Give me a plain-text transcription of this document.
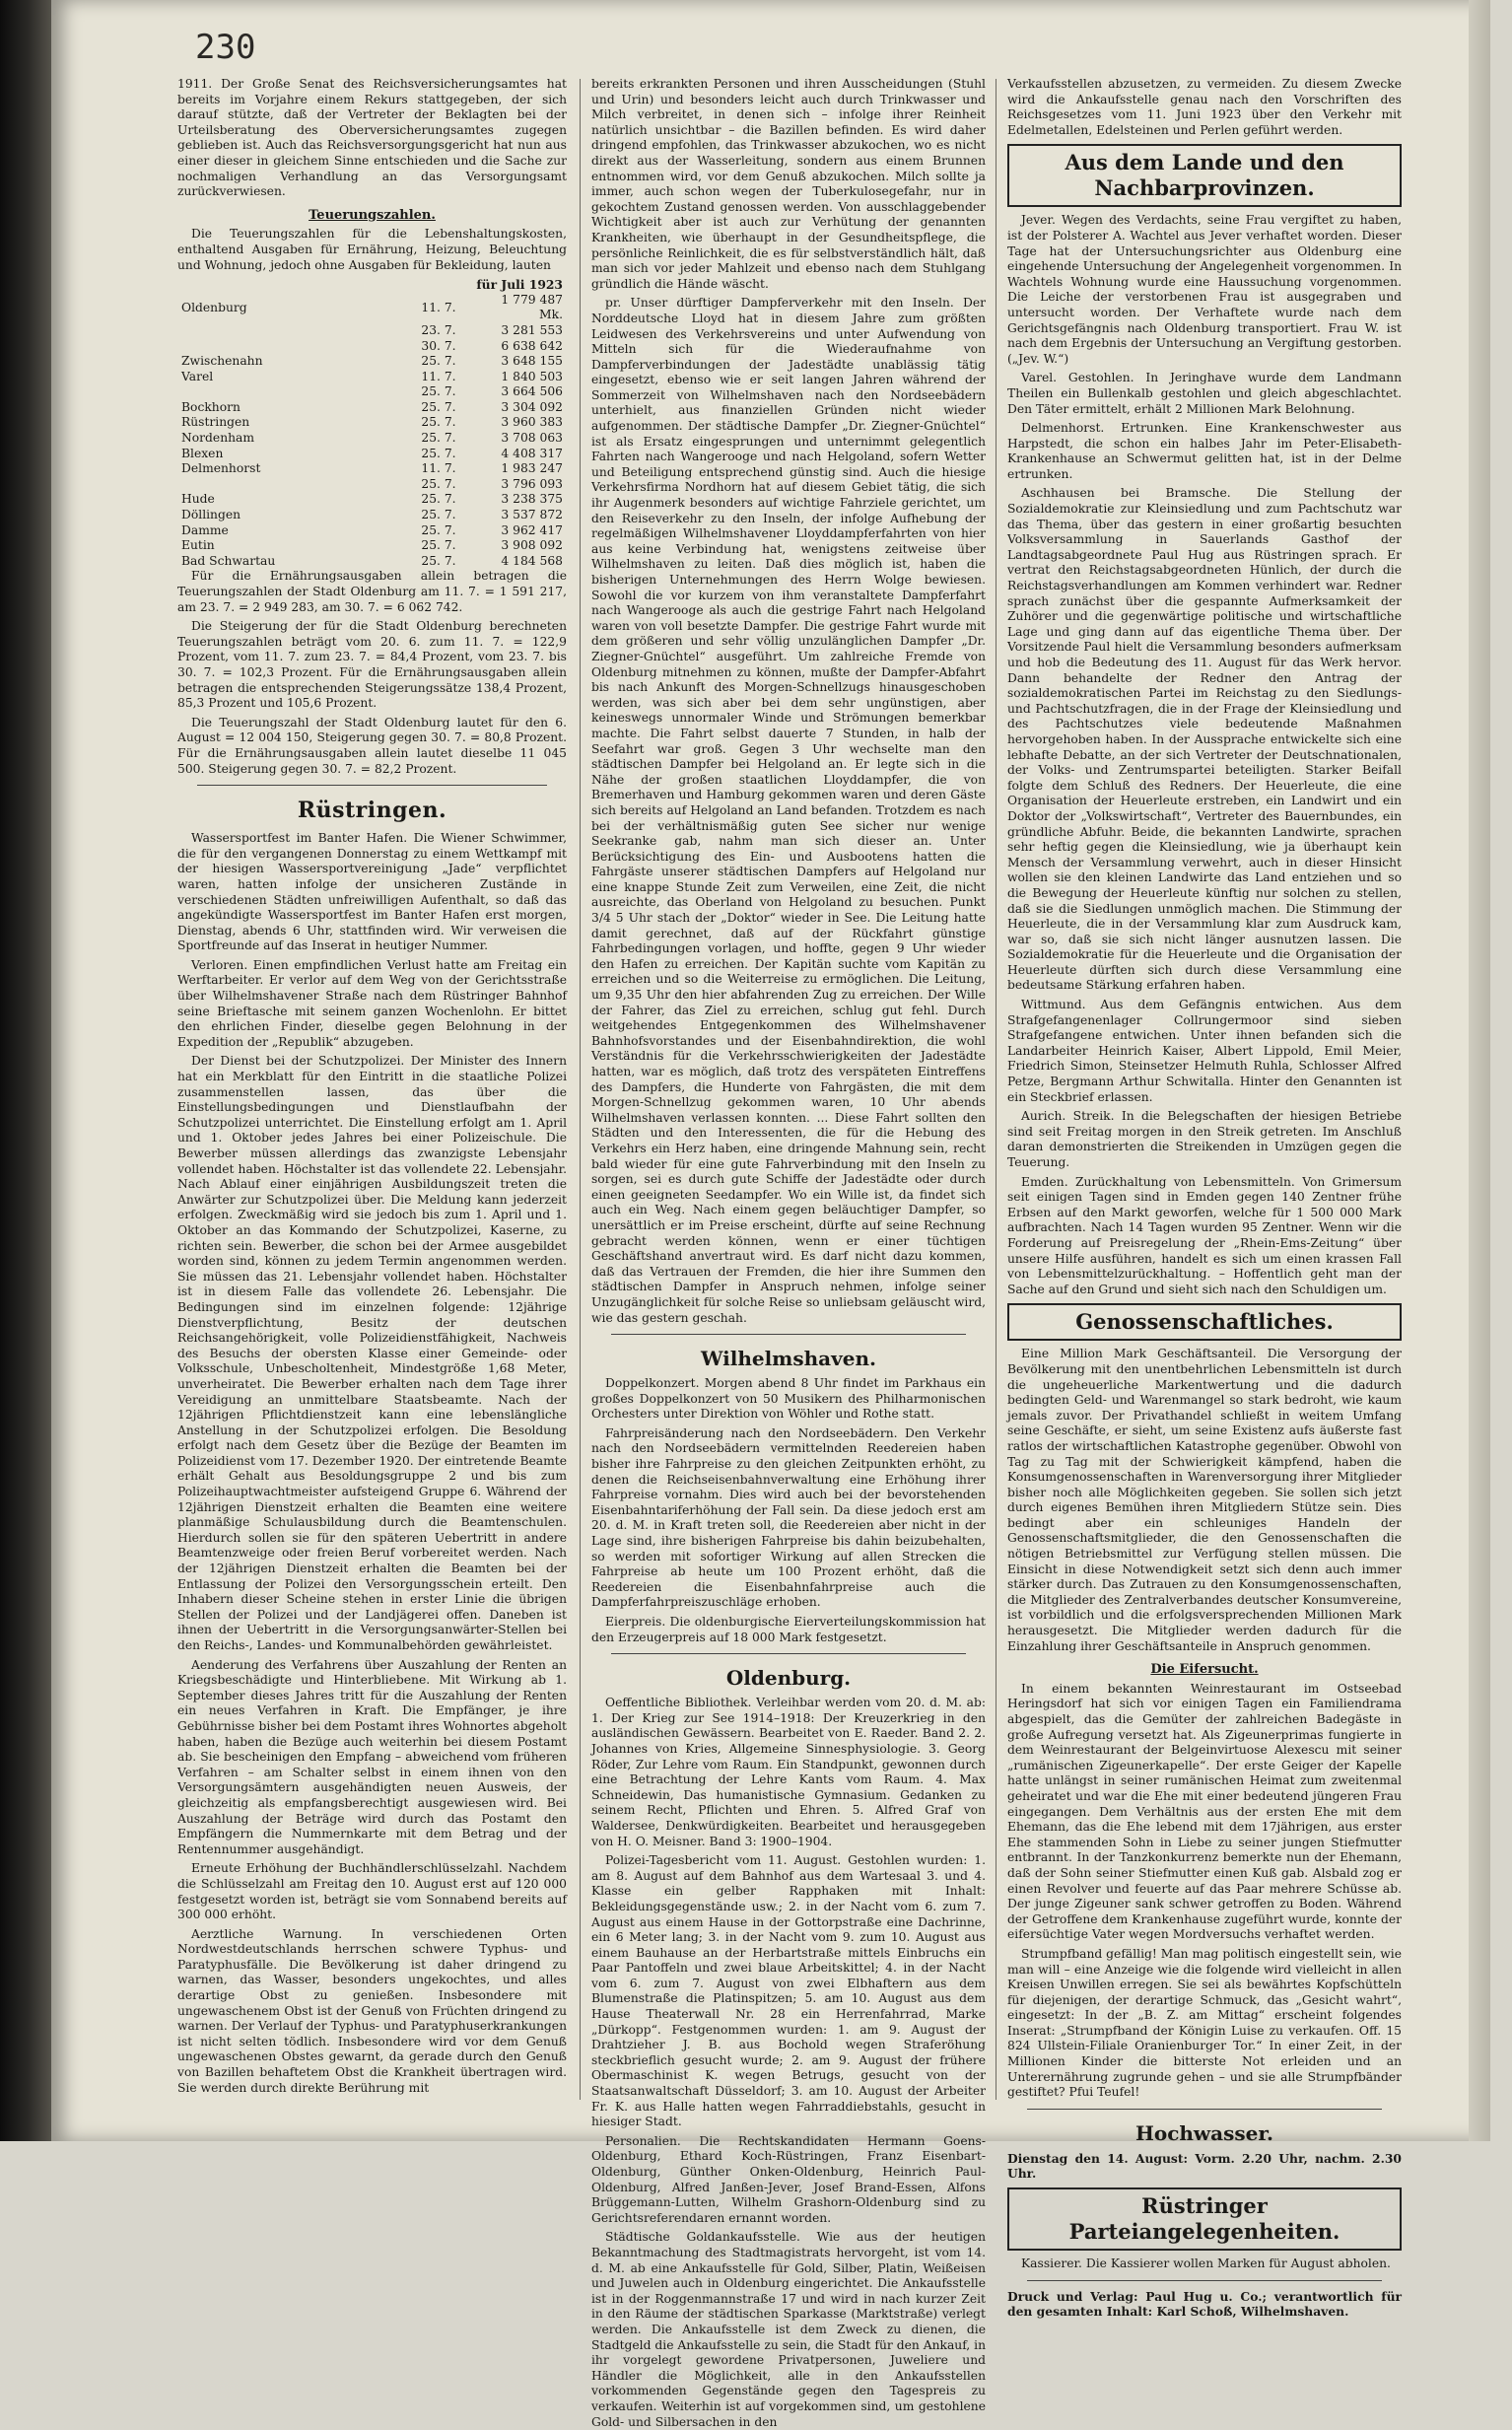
230

1911. Der Große Senat des Reichsversicherungsamtes hat bereits im Vorjahre einem Rekurs stattgegeben, der sich darauf stützte, daß der Vertreter der Beklagten bei der Urteilsberatung des Oberversicherungsamtes zugegen geblieben ist. Auch das Reichsversorgungsgericht hat nun aus einer dieser in gleichem Sinne entschieden und die Sache zur nochmaligen Verhandlung an das Versorgungsamt zurückverwiesen.

Teuerungszahlen.

Die Teuerungszahlen für die Lebenshaltungskosten, enthaltend Ausgaben für Ernährung, Heizung, Beleuchtung und Wohnung, jedoch ohne Ausgaben für Bekleidung, lauten

		für Juli 1923
Oldenburg	11. 7.	1 779 487 Mk.
	23. 7.	3 281 553
	30. 7.	6 638 642
Zwischenahn	25. 7.	3 648 155
Varel	11. 7.	1 840 503
	25. 7.	3 664 506
Bockhorn	25. 7.	3 304 092
Rüstringen	25. 7.	3 960 383
Nordenham	25. 7.	3 708 063
Blexen	25. 7.	4 408 317
Delmenhorst	11. 7.	1 983 247
	25. 7.	3 796 093
Hude	25. 7.	3 238 375
Döllingen	25. 7.	3 537 872
Damme	25. 7.	3 962 417
Eutin	25. 7.	3 908 092
Bad Schwartau	25. 7.	4 184 568

Für die Ernährungsausgaben allein betragen die Teuerungszahlen der Stadt Oldenburg am 11. 7. = 1 591 217, am 23. 7. = 2 949 283, am 30. 7. = 6 062 742.

Die Steigerung der für die Stadt Oldenburg berechneten Teuerungszahlen beträgt vom 20. 6. zum 11. 7. = 122,9 Prozent, vom 11. 7. zum 23. 7. = 84,4 Prozent, vom 23. 7. bis 30. 7. = 102,3 Prozent. Für die Ernährungsausgaben allein betragen die entsprechenden Steigerungssätze 138,4 Prozent, 85,3 Prozent und 105,6 Prozent.

Die Teuerungszahl der Stadt Oldenburg lautet für den 6. August = 12 004 150, Steigerung gegen 30. 7. = 80,8 Prozent. Für die Ernährungsausgaben allein lautet dieselbe 11 045 500. Steigerung gegen 30. 7. = 82,2 Prozent.

Rüstringen.

Wassersportfest im Banter Hafen. Die Wiener Schwimmer, die für den vergangenen Donnerstag zu einem Wettkampf mit der hiesigen Wassersportvereinigung „Jade“ verpflichtet waren, hatten infolge der unsicheren Zustände in verschiedenen Städten unfreiwilligen Aufenthalt, so daß das angekündigte Wassersportfest im Banter Hafen erst morgen, Dienstag, abends 6 Uhr, stattfinden wird. Wir verweisen die Sportfreunde auf das Inserat in heutiger Nummer.

Verloren. Einen empfindlichen Verlust hatte am Freitag ein Werftarbeiter. Er verlor auf dem Weg von der Gerichtsstraße über Wilhelmshavener Straße nach dem Rüstringer Bahnhof seine Brieftasche mit seinem ganzen Wochenlohn. Er bittet den ehrlichen Finder, dieselbe gegen Belohnung in der Expedition der „Republik“ abzugeben.

Der Dienst bei der Schutzpolizei. Der Minister des Innern hat ein Merkblatt für den Eintritt in die staatliche Polizei zusammenstellen lassen, das über die Einstellungsbedingungen und Dienstlaufbahn der Schutzpolizei unterrichtet. Die Einstellung erfolgt am 1. April und 1. Oktober jedes Jahres bei einer Polizeischule. Die Bewerber müssen allerdings das zwanzigste Lebensjahr vollendet haben. Höchstalter ist das vollendete 22. Lebensjahr. Nach Ablauf einer einjährigen Ausbildungszeit treten die Anwärter zur Schutzpolizei über. Die Meldung kann jederzeit erfolgen. Zweckmäßig wird sie jedoch bis zum 1. April und 1. Oktober an das Kommando der Schutzpolizei, Kaserne, zu richten sein. Bewerber, die schon bei der Armee ausgebildet worden sind, können zu jedem Termin angenommen werden. Sie müssen das 21. Lebensjahr vollendet haben. Höchstalter ist in diesem Falle das vollendete 26. Lebensjahr. Die Bedingungen sind im einzelnen folgende: 12jährige Dienstverpflichtung, Besitz der deutschen Reichsangehörigkeit, volle Polizeidienstfähigkeit, Nachweis des Besuchs der obersten Klasse einer Gemeinde- oder Volksschule, Unbescholtenheit, Mindestgröße 1,68 Meter, unverheiratet. Die Bewerber erhalten nach dem Tage ihrer Vereidigung an unmittelbare Staatsbeamte. Nach der 12jährigen Pflichtdienstzeit kann eine lebenslängliche Anstellung in der Schutzpolizei erfolgen. Die Besoldung erfolgt nach dem Gesetz über die Bezüge der Beamten im Polizeidienst vom 17. Dezember 1920. Der eintretende Beamte erhält Gehalt aus Besoldungsgruppe 2 und bis zum Polizeihauptwachtmeister aufsteigend Gruppe 6. Während der 12jährigen Dienstzeit erhalten die Beamten eine weitere planmäßige Schulausbildung durch die Beamtenschulen. Hierdurch sollen sie für den späteren Uebertritt in andere Beamtenzweige oder freien Beruf vorbereitet werden. Nach der 12jährigen Dienstzeit erhalten die Beamten bei der Entlassung der Polizei den Versorgungsschein erteilt. Den Inhabern dieser Scheine stehen in erster Linie die übrigen Stellen der Polizei und der Landjägerei offen. Daneben ist ihnen der Uebertritt in die Versorgungsanwärter-Stellen bei den Reichs-, Landes- und Kommunalbehörden gewährleistet.

Aenderung des Verfahrens über Auszahlung der Renten an Kriegsbeschädigte und Hinterbliebene. Mit Wirkung ab 1. September dieses Jahres tritt für die Auszahlung der Renten ein neues Verfahren in Kraft. Die Empfänger, je ihre Gebührnisse bisher bei dem Postamt ihres Wohnortes abgeholt haben, haben die Bezüge auch weiterhin bei diesem Postamt ab. Sie bescheinigen den Empfang – abweichend vom früheren Verfahren – am Schalter selbst in einem ihnen von den Versorgungsämtern ausgehändigten neuen Ausweis, der gleichzeitig als empfangsberechtigt ausgewiesen wird. Bei Auszahlung der Beträge wird durch das Postamt den Empfängern die Nummernkarte mit dem Betrag und der Rentennummer ausgehändigt.

Erneute Erhöhung der Buchhändlerschlüsselzahl. Nachdem die Schlüsselzahl am Freitag den 10. August erst auf 120 000 festgesetzt worden ist, beträgt sie vom Sonnabend bereits auf 300 000 erhöht.

Aerztliche Warnung. In verschiedenen Orten Nordwestdeutschlands herrschen schwere Typhus- und Paratyphusfälle. Die Bevölkerung ist daher dringend zu warnen, das Wasser, besonders ungekochtes, und alles derartige Obst zu genießen. Insbesondere mit ungewaschenem Obst ist der Genuß von Früchten dringend zu warnen. Der Verlauf der Typhus- und Paratyphuserkrankungen ist nicht selten tödlich. Insbesondere wird vor dem Genuß ungewaschenen Obstes gewarnt, da gerade durch den Genuß von Bazillen behaftetem Obst die Krankheit übertragen wird. Sie werden durch direkte Berührung mit

bereits erkrankten Personen und ihren Ausscheidungen (Stuhl und Urin) und besonders leicht auch durch Trinkwasser und Milch verbreitet, in denen sich – infolge ihrer Reinheit natürlich unsichtbar – die Bazillen befinden. Es wird daher dringend empfohlen, das Trinkwasser abzukochen, wo es nicht direkt aus der Wasserleitung, sondern aus einem Brunnen entnommen wird, vor dem Genuß abzukochen. Milch sollte ja immer, auch schon wegen der Tuberkulosegefahr, nur in gekochtem Zustand genossen werden. Von ausschlaggebender Wichtigkeit aber ist auch zur Verhütung der genannten Krankheiten, wie überhaupt in der Gesundheitspflege, die persönliche Reinlichkeit, die es für selbstverständlich hält, daß man sich vor jeder Mahlzeit und ebenso nach dem Stuhlgang gründlich die Hände wäscht.

pr. Unser dürftiger Dampferverkehr mit den Inseln. Der Norddeutsche Lloyd hat in diesem Jahre zum größten Leidwesen des Verkehrsvereins und unter Aufwendung von Mitteln sich für die Wiederaufnahme von Dampferverbindungen der Jadestädte unablässig tätig eingesetzt, ebenso wie er seit langen Jahren während der Sommerzeit von Wilhelmshaven nach den Nordseebädern unterhielt, aus finanziellen Gründen nicht wieder aufgenommen. Der städtische Dampfer „Dr. Ziegner-Gnüchtel“ ist als Ersatz eingesprungen und unternimmt gelegentlich Fahrten nach Wangerooge und nach Helgoland, sofern Wetter und Beteiligung entsprechend günstig sind. Auch die hiesige Verkehrsfirma Nordhorn hat auf diesem Gebiet tätig, die sich ihr Augenmerk besonders auf wichtige Fahrziele gerichtet, um den Reiseverkehr zu den Inseln, der infolge Aufhebung der regelmäßigen Wilhelmshavener Lloyddampferfahrten von hier aus keine Verbindung hat, wenigstens zeitweise über Wilhelmshaven zu leiten. Daß dies möglich ist, haben die bisherigen Unternehmungen des Herrn Wolge bewiesen. Sowohl die vor kurzem von ihm veranstaltete Dampferfahrt nach Wangerooge als auch die gestrige Fahrt nach Helgoland waren von voll besetzte Dampfer. Die gestrige Fahrt wurde mit dem größeren und sehr völlig unzulänglichen Dampfer „Dr. Ziegner-Gnüchtel“ ausgeführt. Um zahlreiche Fremde von Oldenburg mitnehmen zu können, mußte der Dampfer-Abfahrt bis nach Ankunft des Morgen-Schnellzugs hinausgeschoben werden, was sich aber bei dem sehr ungünstigen, aber keineswegs unnormaler Winde und Strömungen bemerkbar machte. Die Fahrt selbst dauerte 7 Stunden, in halb der Seefahrt war groß. Gegen 3 Uhr wechselte man den städtischen Dampfer bei Helgoland an. Er legte sich in die Nähe der großen staatlichen Lloyddampfer, die von Bremerhaven und Hamburg gekommen waren und deren Gäste sich bereits auf Helgoland an Land befanden. Trotzdem es nach bei der verhältnismäßig guten See sicher nur wenige Seekranke gab, nahm man sich dieser an. Unter Berücksichtigung des Ein- und Ausbootens hatten die Fahrgäste unserer städtischen Dampfers auf Helgoland nur eine knappe Stunde Zeit zum Verweilen, eine Zeit, die nicht ausreichte, das Oberland von Helgoland zu besuchen. Punkt 3/4 5 Uhr stach der „Doktor“ wieder in See. Die Leitung hatte damit gerechnet, daß auf der Rückfahrt günstige Fahrbedingungen vorlagen, und hoffte, gegen 9 Uhr wieder den Hafen zu erreichen. Der Kapitän suchte vom Kapitän zu erreichen und so die Weiterreise zu ermöglichen. Die Leitung, um 9,35 Uhr den hier abfahrenden Zug zu erreichen. Der Wille der Fahrer, das Ziel zu erreichen, schlug gut fehl. Durch weitgehendes Entgegenkommen des Wilhelmshavener Bahnhofsvorstandes und der Eisenbahndirektion, die wohl Verständnis für die Verkehrsschwierigkeiten der Jadestädte hatten, war es möglich, daß trotz des verspäteten Eintreffens des Dampfers, die Hunderte von Fahrgästen, die mit dem Morgen-Schnellzug gekommen waren, 10 Uhr abends Wilhelmshaven verlassen konnten. ... Diese Fahrt sollten den Städten und den Interessenten, die für die Hebung des Verkehrs ein Herz haben, eine dringende Mahnung sein, recht bald wieder für eine gute Fahrverbindung mit den Inseln zu sorgen, sei es durch gute Schiffe der Jadestädte oder durch einen geeigneten Seedampfer. Wo ein Wille ist, da findet sich auch ein Weg. Nach einem gegen beläuchtiger Dampfer, so unersättlich er im Preise erscheint, dürfte auf seine Rechnung gebracht werden können, wenn er einer tüchtigen Geschäftshand anvertraut wird. Es darf nicht dazu kommen, daß das Vertrauen der Fremden, die hier ihre Summen den städtischen Dampfer in Anspruch nehmen, infolge seiner Unzugänglichkeit für solche Reise so unliebsam geläuscht wird, wie das gestern geschah.

Wilhelmshaven.

Doppelkonzert. Morgen abend 8 Uhr findet im Parkhaus ein großes Doppelkonzert von 50 Musikern des Philharmonischen Orchesters unter Direktion von Wöhler und Rothe statt.

Fahrpreisänderung nach den Nordseebädern. Den Verkehr nach den Nordseebädern vermittelnden Reedereien haben bisher ihre Fahrpreise zu den gleichen Zeitpunkten erhöht, zu denen die Reichseisenbahnverwaltung eine Erhöhung ihrer Fahrpreise vornahm. Dies wird auch bei der bevorstehenden Eisenbahntariferhöhung der Fall sein. Da diese jedoch erst am 20. d. M. in Kraft treten soll, die Reedereien aber nicht in der Lage sind, ihre bisherigen Fahrpreise bis dahin beizubehalten, so werden mit sofortiger Wirkung auf allen Strecken die Fahrpreise ab heute um 100 Prozent erhöht, daß die Reedereien die Eisenbahnfahrpreise auch die Dampferfahrpreiszuschläge erhoben.

Eierpreis. Die oldenburgische Eierverteilungskommission hat den Erzeugerpreis auf 18 000 Mark festgesetzt.

Oldenburg.

Oeffentliche Bibliothek. Verleihbar werden vom 20. d. M. ab: 1. Der Krieg zur See 1914–1918: Der Kreuzerkrieg in den ausländischen Gewässern. Bearbeitet von E. Raeder. Band 2. 2. Johannes von Kries, Allgemeine Sinnesphysiologie. 3. Georg Röder, Zur Lehre vom Raum. Ein Standpunkt, gewonnen durch eine Betrachtung der Lehre Kants vom Raum. 4. Max Schneidewin, Das humanistische Gymnasium. Gedanken zu seinem Recht, Pflichten und Ehren. 5. Alfred Graf von Waldersee, Denkwürdigkeiten. Bearbeitet und herausgegeben von H. O. Meisner. Band 3: 1900–1904.

Polizei-Tagesbericht vom 11. August. Gestohlen wurden: 1. am 8. August auf dem Bahnhof aus dem Wartesaal 3. und 4. Klasse ein gelber Rapphaken mit Inhalt: Bekleidungsgegenstände usw.; 2. in der Nacht vom 6. zum 7. August aus einem Hause in der Gottorpstraße eine Dachrinne, ein 6 Meter lang; 3. in der Nacht vom 9. zum 10. August aus einem Bauhause an der Herbartstraße mittels Einbruchs ein Paar Pantoffeln und zwei blaue Arbeitskittel; 4. in der Nacht vom 6. zum 7. August von zwei Elbhaftern aus dem Blumenstraße die Platinspitzen; 5. am 10. August aus dem Hause Theaterwall Nr. 28 ein Herrenfahrrad, Marke „Dürkopp“. Festgenommen wurden: 1. am 9. August der Drahtzieher J. B. aus Bochold wegen Straferöhung steckbrieflich gesucht wurde; 2. am 9. August der frühere Obermaschinist K. wegen Betrugs, gesucht von der Staatsanwaltschaft Düsseldorf; 3. am 10. August der Arbeiter Fr. K. aus Halle hatten wegen Fahrraddiebstahls, gesucht in hiesiger Stadt.

Personalien. Die Rechtskandidaten Hermann Goens-Oldenburg, Ethard Koch-Rüstringen, Franz Eisenbart-Oldenburg, Günther Onken-Oldenburg, Heinrich Paul-Oldenburg, Alfred Janßen-Jever, Josef Brand-Essen, Alfons Brüggemann-Lutten, Wilhelm Grashorn-Oldenburg sind zu Gerichtsreferendaren ernannt worden.

Städtische Goldankaufsstelle. Wie aus der heutigen Bekanntmachung des Stadtmagistrats hervorgeht, ist vom 14. d. M. ab eine Ankaufsstelle für Gold, Silber, Platin, Weißeisen und Juwelen auch in Oldenburg eingerichtet. Die Ankaufsstelle ist in der Roggenmannstraße 17 und wird in nach kurzer Zeit in den Räume der städtischen Sparkasse (Marktstraße) verlegt werden. Die Ankaufsstelle ist dem Zweck zu dienen, die Stadtgeld die Ankaufsstelle zu sein, die Stadt für den Ankauf, in ihr vorgelegt gewordene Privatpersonen, Juweliere und Händler die Möglichkeit, alle in den Ankaufsstellen vorkommenden Gegenstände gegen den Tagespreis zu verkaufen. Weiterhin ist auf vorgekommen sind, um gestohlene Gold- und Silbersachen in den

Verkaufsstellen abzusetzen, zu vermeiden. Zu diesem Zwecke wird die Ankaufsstelle genau nach den Vorschriften des Reichsgesetzes vom 11. Juni 1923 über den Verkehr mit Edelmetallen, Edelsteinen und Perlen geführt werden.

Aus dem Lande und den Nachbarprovinzen.

Jever. Wegen des Verdachts, seine Frau vergiftet zu haben, ist der Polsterer A. Wachtel aus Jever verhaftet worden. Dieser Tage hat der Untersuchungsrichter aus Oldenburg eine eingehende Untersuchung der Angelegenheit vorgenommen. In Wachtels Wohnung wurde eine Haussuchung vorgenommen. Die Leiche der verstorbenen Frau ist ausgegraben und untersucht worden. Der Verhaftete wurde nach dem Gerichtsgefängnis nach Oldenburg transportiert. Frau W. ist nach dem Ergebnis der Untersuchung an Vergiftung gestorben. („Jev. W.“)

Varel. Gestohlen. In Jeringhave wurde dem Landmann Theilen ein Bullenkalb gestohlen und gleich abgeschlachtet. Den Täter ermittelt, erhält 2 Millionen Mark Belohnung.

Delmenhorst. Ertrunken. Eine Krankenschwester aus Harpstedt, die schon ein halbes Jahr im Peter-Elisabeth-Krankenhause an Schwermut gelitten hat, ist in der Delme ertrunken.

Aschhausen bei Bramsche. Die Stellung der Sozialdemokratie zur Kleinsiedlung und zum Pachtschutz war das Thema, über das gestern in einer großartig besuchten Volksversammlung in Sauerlands Gasthof der Landtagsabgeordnete Paul Hug aus Rüstringen sprach. Er vertrat den Reichstagsabgeordneten Hünlich, der durch die Reichstagsverhandlungen am Kommen verhindert war. Redner sprach zunächst über die gespannte Aufmerksamkeit der Zuhörer und die gegenwärtige politische und wirtschaftliche Lage und ging dann auf das eigentliche Thema über. Der Vorsitzende Paul hielt die Versammlung besonders aufmerksam und hob die Bedeutung des 11. August für das Werk hervor. Dann behandelte der Redner den Antrag der sozialdemokratischen Partei im Reichstag zu den Siedlungs- und Pachtschutzfragen, die in der Frage der Kleinsiedlung und des Pachtschutzes viele bedeutende Maßnahmen hervorgehoben haben. In der Aussprache entwickelte sich eine lebhafte Debatte, an der sich Vertreter der Deutschnationalen, der Volks- und Zentrumspartei beteiligten. Starker Beifall folgte dem Schluß des Redners. Der Heuerleute, die eine Organisation der Heuerleute erstreben, ein Landwirt und ein Doktor der „Volkswirtschaft“, Vertreter des Bauernbundes, ein gründliche Abfuhr. Beide, die bekannten Landwirte, sprachen sehr heftig gegen die Kleinsiedlung, wie ja überhaupt kein Mensch der Versammlung verwehrt, auch in dieser Hinsicht wollen sie den kleinen Landwirte das Land entziehen und so die Bewegung der Heuerleute künftig nur solchen zu stellen, daß sie die Siedlungen unmöglich machen. Die Stimmung der Heuerleute, die in der Versammlung klar zum Ausdruck kam, war so, daß sie sich nicht länger ausnutzen lassen. Die Sozialdemokratie für die Heuerleute und die Organisation der Heuerleute dürften sich durch diese Versammlung eine bedeutsame Stärkung erfahren haben.

Wittmund. Aus dem Gefängnis entwichen. Aus dem Strafgefangenenlager Collrungermoor sind sieben Strafgefangene entwichen. Unter ihnen befanden sich die Landarbeiter Heinrich Kaiser, Albert Lippold, Emil Meier, Friedrich Simon, Steinsetzer Helmuth Ruhla, Schlosser Alfred Petze, Bergmann Arthur Schwitalla. Hinter den Genannten ist ein Steckbrief erlassen.

Aurich. Streik. In die Belegschaften der hiesigen Betriebe sind seit Freitag morgen in den Streik getreten. Im Anschluß daran demonstrierten die Streikenden in Umzügen gegen die Teuerung.

Emden. Zurückhaltung von Lebensmitteln. Von Grimersum seit einigen Tagen sind in Emden gegen 140 Zentner frühe Erbsen auf den Markt geworfen, welche für 1 500 000 Mark aufbrachten. Nach 14 Tagen wurden 95 Zentner. Wenn wir die Forderung auf Preisregelung der „Rhein-Ems-Zeitung“ über unsere Hilfe ausführen, handelt es sich um einen krassen Fall von Lebensmittelzurückhaltung. – Hoffentlich geht man der Sache auf den Grund und sieht sich nach den Schuldigen um.

Genossenschaftliches.

Eine Million Mark Geschäftsanteil. Die Versorgung der Bevölkerung mit den unentbehrlichen Lebensmitteln ist durch die ungeheuerliche Markentwertung und die dadurch bedingten Geld- und Warenmangel so stark bedroht, wie kaum jemals zuvor. Der Privathandel schließt in weitem Umfang seine Geschäfte, er sieht, um seine Existenz aufs äußerste fast ratlos der wirtschaftlichen Katastrophe gegenüber. Obwohl von Tag zu Tag mit der Schwierigkeit kämpfend, haben die Konsumgenossenschaften in Warenversorgung ihrer Mitglieder bisher noch alle Möglichkeiten gegeben. Sie sollen sich jetzt durch eigenes Bemühen ihren Mitgliedern Stütze sein. Dies bedingt aber ein schleuniges Handeln der Genossenschaftsmitglieder, die den Genossenschaften die nötigen Betriebsmittel zur Verfügung stellen müssen. Die Einsicht in diese Notwendigkeit setzt sich denn auch immer stärker durch. Das Zutrauen zu den Konsumgenossenschaften, die Mitglieder des Zentralverbandes deutscher Konsumvereine, ist vorbildlich und die erfolgsversprechenden Millionen Mark herausgesetzt. Die Mitglieder werden dadurch für die Einzahlung ihrer Geschäftsanteile in Anspruch genommen.

Die Eifersucht.

In einem bekannten Weinrestaurant im Ostseebad Heringsdorf hat sich vor einigen Tagen ein Familiendrama abgespielt, das die Gemüter der zahlreichen Badegäste in große Aufregung versetzt hat. Als Zigeunerprimas fungierte in dem Weinrestaurant der Belgeinvirtuose Alexescu mit seiner „rumänischen Zigeunerkapelle“. Der erste Geiger der Kapelle hatte unlängst in seiner rumänischen Heimat zum zweitenmal geheiratet und war die Ehe mit einer bedeutend jüngeren Frau eingegangen. Dem Verhältnis aus der ersten Ehe mit dem Ehemann, das die Ehe lebend mit dem 17jährigen, aus erster Ehe stammenden Sohn in Liebe zu seiner jungen Stiefmutter entbrannt. In der Tanzkonkurrenz bemerkte nun der Ehemann, daß der Sohn seiner Stiefmutter einen Kuß gab. Alsbald zog er einen Revolver und feuerte auf das Paar mehrere Schüsse ab. Der junge Zigeuner sank schwer getroffen zu Boden. Während der Getroffene dem Krankenhause zugeführt wurde, konnte der eifersüchtige Vater wegen Mordversuchs verhaftet werden.

Strumpfband gefällig! Man mag politisch eingestellt sein, wie man will – eine Anzeige wie die folgende wird vielleicht in allen Kreisen Unwillen erregen. Sie sei als bewährtes Kopfschütteln für diejenigen, der derartige Schmuck, das „Gesicht wahrt“, eingesetzt: In der „B. Z. am Mittag“ erscheint folgendes Inserat: „Strumpfband der Königin Luise zu verkaufen. Off. 15 824 Ullstein-Filiale Oranienburger Tor.“ In einer Zeit, in der Millionen Kinder die bitterste Not erleiden und an Unterernährung zugrunde gehen – und sie alle Strumpfbänder gestiftet? Pfui Teufel!

Hochwasser.

Dienstag den 14. August: Vorm. 2.20 Uhr, nachm. 2.30 Uhr.

Rüstringer Parteiangelegenheiten.

Kassierer. Die Kassierer wollen Marken für August abholen.

Druck und Verlag: Paul Hug u. Co.; verantwortlich für den gesamten Inhalt: Karl Schoß, Wilhelmshaven.
